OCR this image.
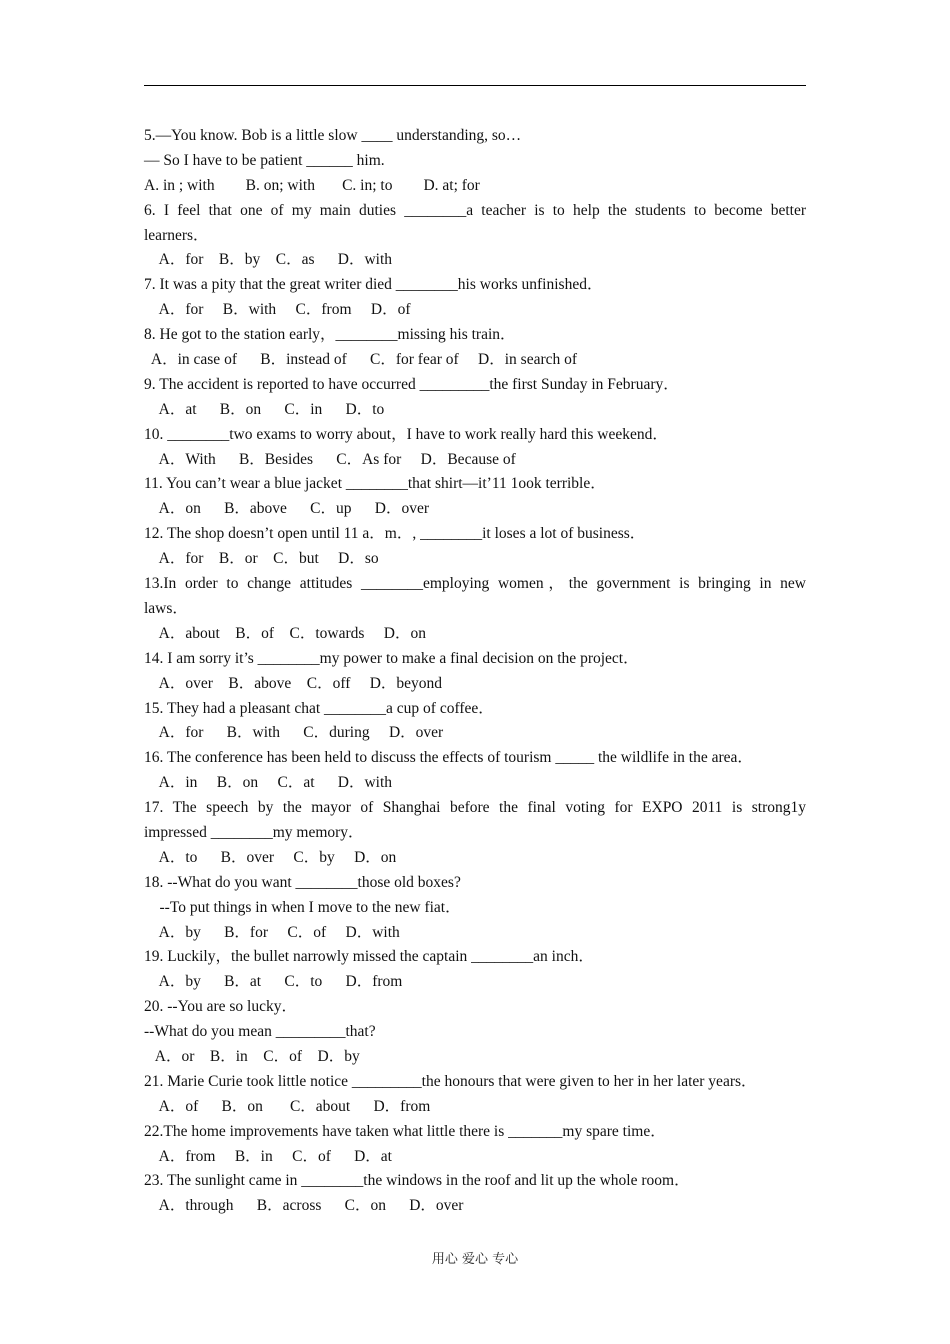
5.—You know. Bob is a little slow ____ understanding, so…
— So I have to be patient ______ him.
A. in ; with        B. on; with       C. in; to        D. at; for
6. I feel that one of my main duties ________a teacher is to help the students to become better
learners．
A．for    B．by    C．as      D．with
7. It was a pity that the great writer died ________his works unfinished．
A．for     B．with     C．from     D．of
8. He got to the station early，________missing his train．
A．in case of      B．instead of      C．for fear of     D．in search of
9. The accident is reported to have occurred _________the first Sunday in February．
A．at      B．on      C．in      D．to
10. ________two exams to worry about，I have to work really hard this weekend．
A．With      B．Besides      C．As for     D．Because of
11. You can’t wear a blue jacket ________that shirt—it’11 1ook terrible．
A．on      B．above      C．up      D．over
12. The shop doesn’t open until 11 a．m．, ________it loses a lot of business．
A．for    B．or    C．but     D．so
13.In order to change attitudes ________employing women，the government is bringing in new
laws．
A．about    B．of    C．towards     D．on
14. I am sorry it’s ________my power to make a final decision on the project．
A．over    B．above    C．off     D．beyond
15. They had a pleasant chat ________a cup of coffee．
A．for      B．with      C．during     D．over
16. The conference has been held to discuss the effects of tourism _____ the wildlife in the area．
A．in     B．on     C．at      D．with
17. The speech by the mayor of Shanghai before the final voting for EXPO 2011 is strong1y
impressed ________my memory．
A．to      B．over     C．by     D．on
18. --What do you want ________those old boxes?
--To put things in when I move to the new fiat．
A．by      B．for     C．of     D．with
19. Luckily，the bullet narrowly missed the captain ________an inch．
A．by      B．at      C．to      D．from
20. --You are so lucky．
--What do you mean _________that?
A．or    B．in    C．of    D．by
21. Marie Curie took little notice _________the honours that were given to her in her later years．
A．of      B．on       C．about      D．from
22.The home improvements have taken what little there is _______my spare time．
A．from     B．in     C．of      D．at
23. The sunlight came in ________the windows in the roof and lit up the whole room．
A．through      B．across      C．on      D．over
用心 爱心 专心
